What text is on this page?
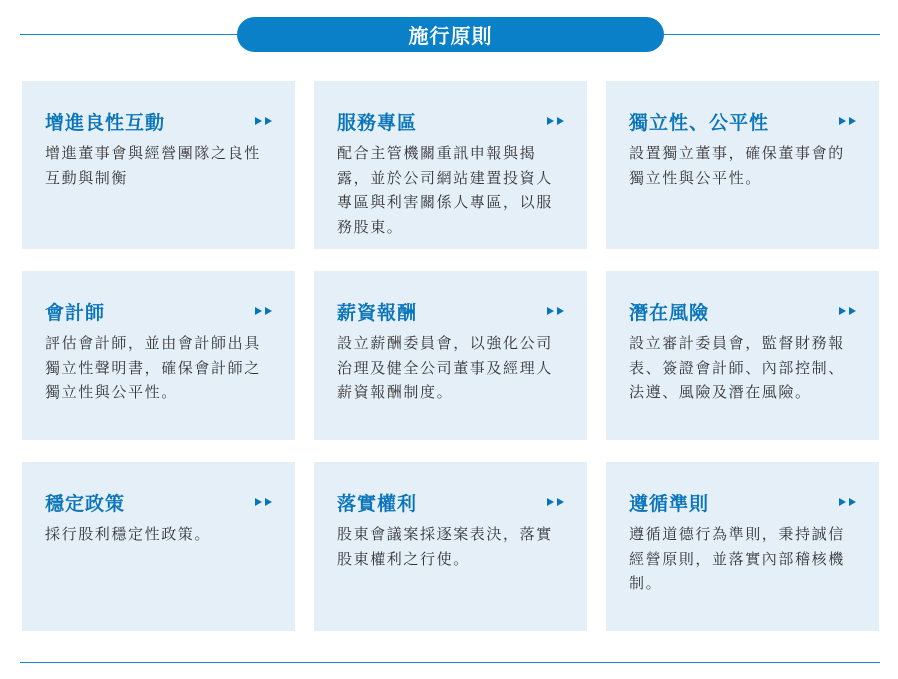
施行原則
增進良性互動
增進董事會與經營團隊之良性互動與制衡
服務專區
配合主管機關重訊申報與揭露，並於公司網站建置投資人專區與利害關係人專區，以服務股東。
獨立性、公平性
設置獨立董事，確保董事會的獨立性與公平性。
會計師
評估會計師，並由會計師出具獨立性聲明書，確保會計師之獨立性與公平性。
薪資報酬
設立薪酬委員會，以強化公司治理及健全公司董事及經理人薪資報酬制度。
潛在風險
設立審計委員會，監督財務報表、簽證會計師、內部控制、法遵、風險及潛在風險。
穩定政策
採行股利穩定性政策。
落實權利
股東會議案採逐案表決，落實股東權利之行使。
遵循準則
遵循道德行為準則，秉持誠信經營原則，並落實內部稽核機制。
